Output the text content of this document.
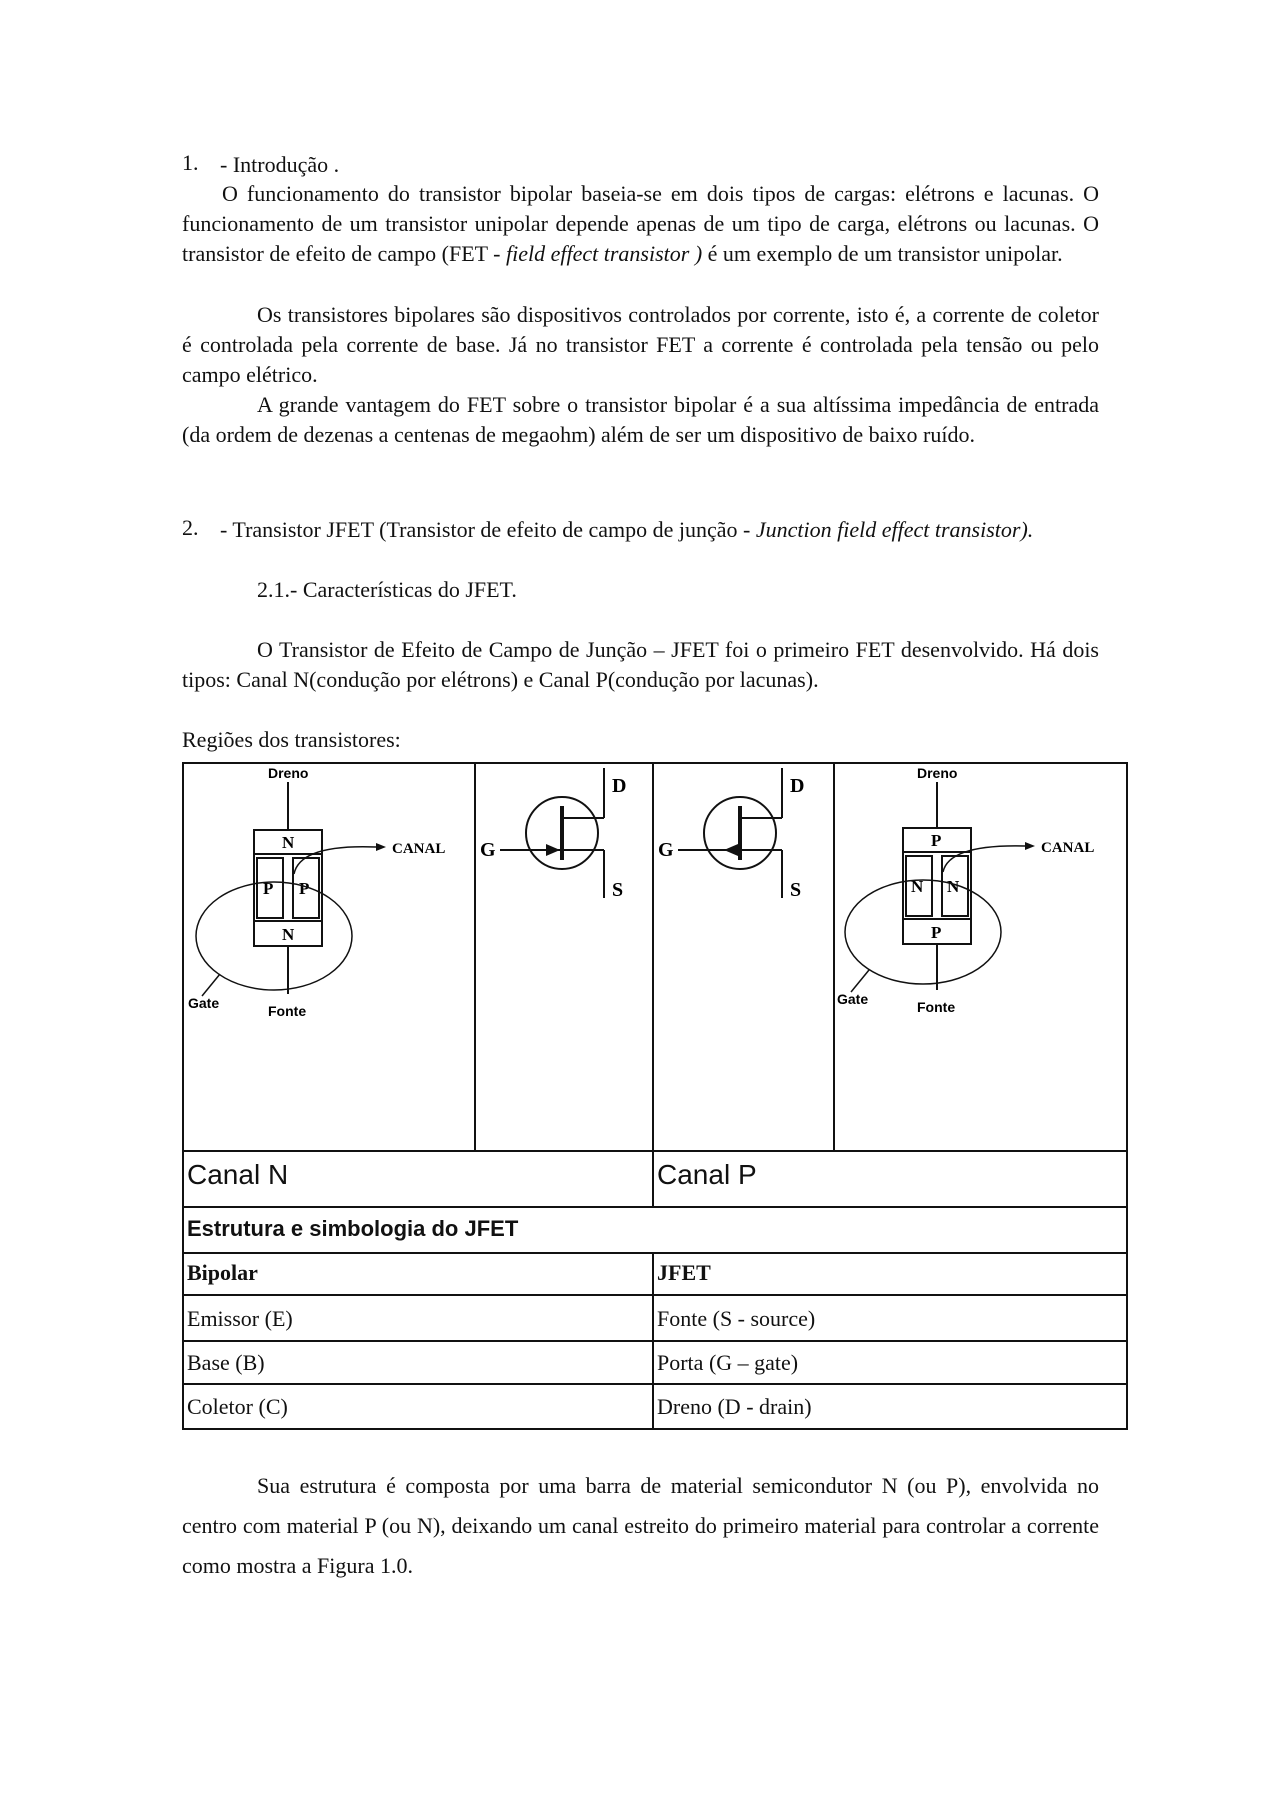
1. - Introdução .

O funcionamento do transistor bipolar baseia-se em dois tipos de cargas: elétrons e lacunas. O funcionamento de um transistor unipolar depende apenas de um tipo de carga, elétrons ou lacunas. O transistor de efeito de campo (FET - field effect transistor ) é um exemplo de um transistor unipolar.

Os transistores bipolares são dispositivos controlados por corrente, isto é, a corrente de coletor é controlada pela corrente de base. Já no transistor FET a corrente é controlada pela tensão ou pelo campo elétrico.

A grande vantagem do FET sobre o transistor bipolar é a sua altíssima impedância de entrada (da ordem de dezenas a centenas de megaohm) além de ser um dispositivo de baixo ruído.

2. - Transistor JFET (Transistor de efeito de campo de junção - Junction field effect transistor).
2.1.- Características do JFET.

O Transistor de Efeito de Campo de Junção – JFET foi o primeiro FET desenvolvido. Há dois tipos: Canal N(condução por elétrons) e Canal P(condução por lacunas).

Regiões dos transistores:
Dreno
N
P P
N
CANAL
Gate	Fonte
G
D
S
G
D
S
Dreno
P
N N
P
CANAL
Gate	Fonte
Canal N	Canal P
Estrutura e simbologia do JFET
Bipolar	JFET
Emissor (E)	Fonte (S - source)
Base (B)	Porta (G – gate)
Coletor (C)	Dreno (D - drain)

Sua estrutura é composta por uma barra de material semicondutor N (ou P), envolvida no centro com material P (ou N), deixando um canal estreito do primeiro material para controlar a corrente como mostra a Figura 1.0.
